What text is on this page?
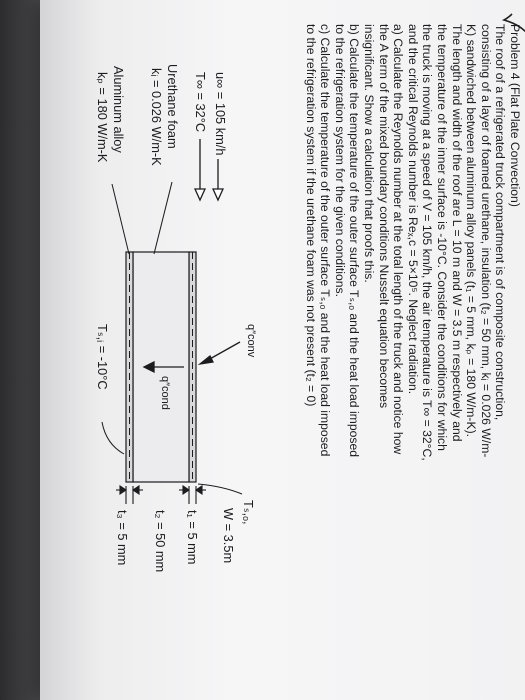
Problem 4 (Flat Plate Convection)

The roof of a refrigerated truck compartment is of composite construction,

consisting of a layer of foamed urethane, insulation (t₂ = 50 mm, kᵢ = 0.026 W/m-

K) sandwiched between aluminum alloy panels (t₁ = 5 mm, kₚ = 180 W/m-K).

The length and width of the roof are L = 10 m and W = 3.5 m respectively and

the temperature of the inner surface is -10°C. Consider the conditions for which

the truck is moving at a speed of V = 105 km/h, the air temperature is T∞ = 32°C,

and the critical Reynolds number is Reₓ,c = 5×10⁵. Neglect radiation.

a) Calculate the Reynolds number at the total length of the truck and notice how

the A term of the mixed boundary conditions Nusselt equation becomes

insignificant. Show a calculation that proofs this.

b) Calculate the temperature of the outer surface Tₛ,ₒ and the heat load imposed

to the refrigeration system for the given conditions.

c) Calculate the temperature of the outer surface Tₛ,ₒ and the heat load imposed

to the refrigeration system if the urethane foam was not present (t₂ = 0)

u∞ = 105 km/h
T∞ = 32°C
Urethane foam
kᵢ = 0.026 W/m-K
Aluminum alloy
kₚ = 180 W/m-K
Tₛ,ᵢ = -10°C	q″conv
q″cond
Tₛ,ₒ,
W = 3.5m
t₁ = 5 mm
t₂ = 50 mm
t₃ = 5 mm
